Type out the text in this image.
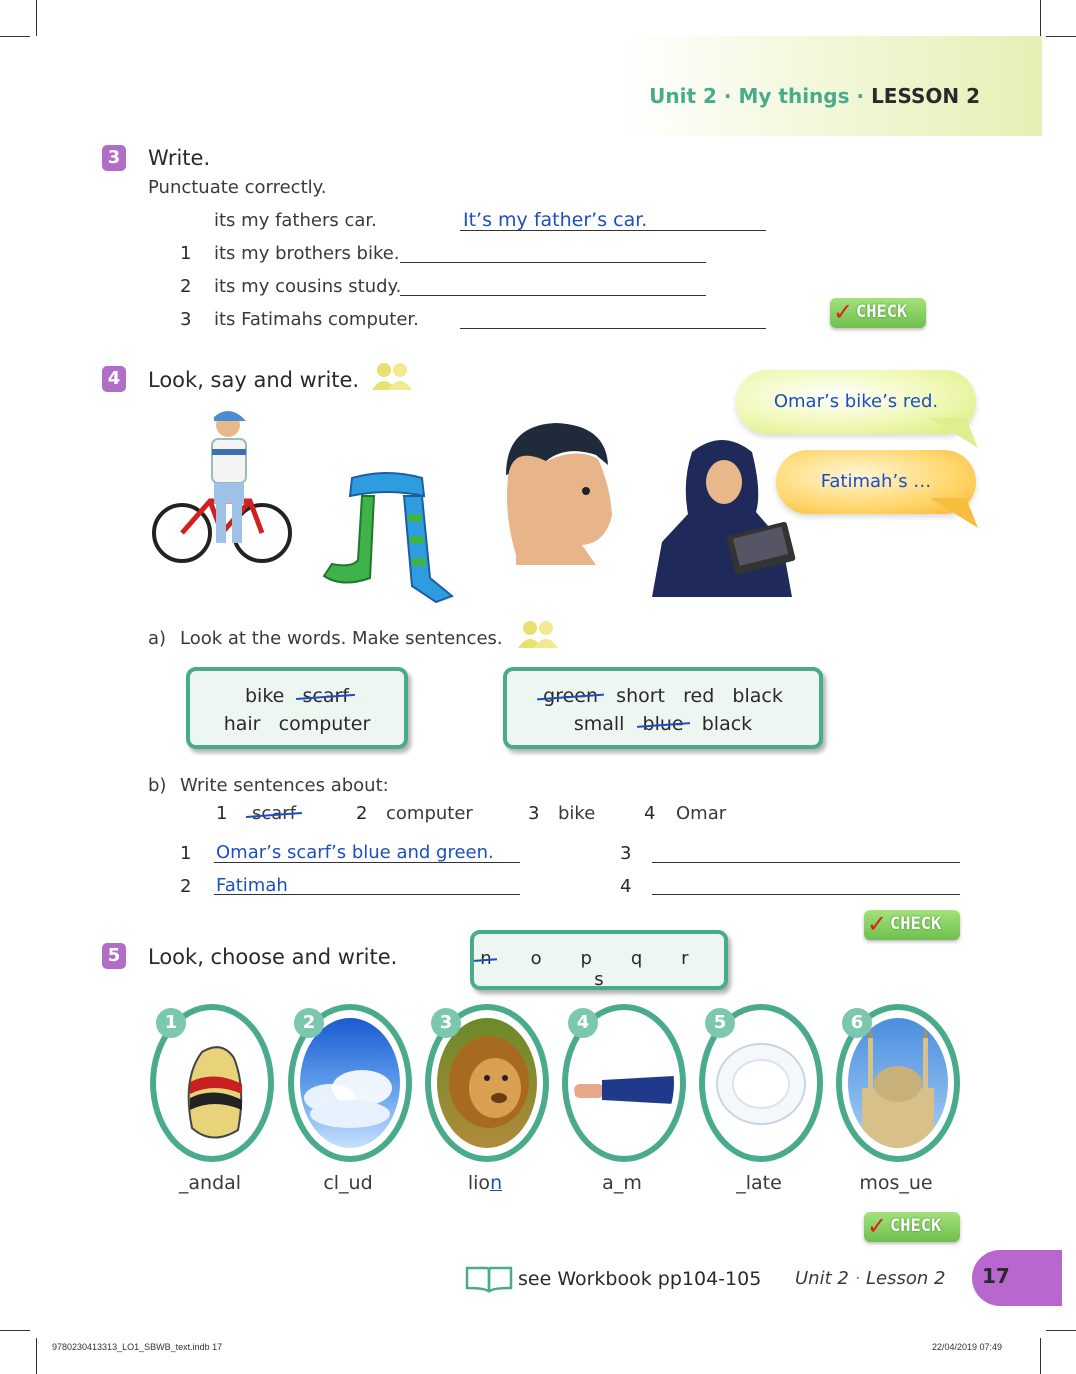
Unit 2 · My things · LESSON 2
3 Write.
Punctuate correctly.
its my fathers car.	It’s my father’s car.
1 its my brothers bike.
2 its my cousins study.
3 its Fatimahs computer.	✓ CHECK
4 Look, say and write.
Omar’s bike’s red.
Fatimah’s …
a) Look at the words. Make sentences.
bike scarf
hair computer
green short red black
small blue black
b) Write sentences about:
1 scarf	2 computer	3 bike	4 Omar
1 Omar’s scarf’s blue and green.	3
2 Fatimah	4
✓ CHECK
5 Look, choose and write.	n o p q r    s
1	2	3	4	5	6
_andal	cl_ud	lion	a_m	_late	mos_ue
✓ CHECK
see Workbook pp104-105 Unit 2 · Lesson 2 17
9780230413313_LO1_SBWB_text.indb 17	22/04/2019 07:49
